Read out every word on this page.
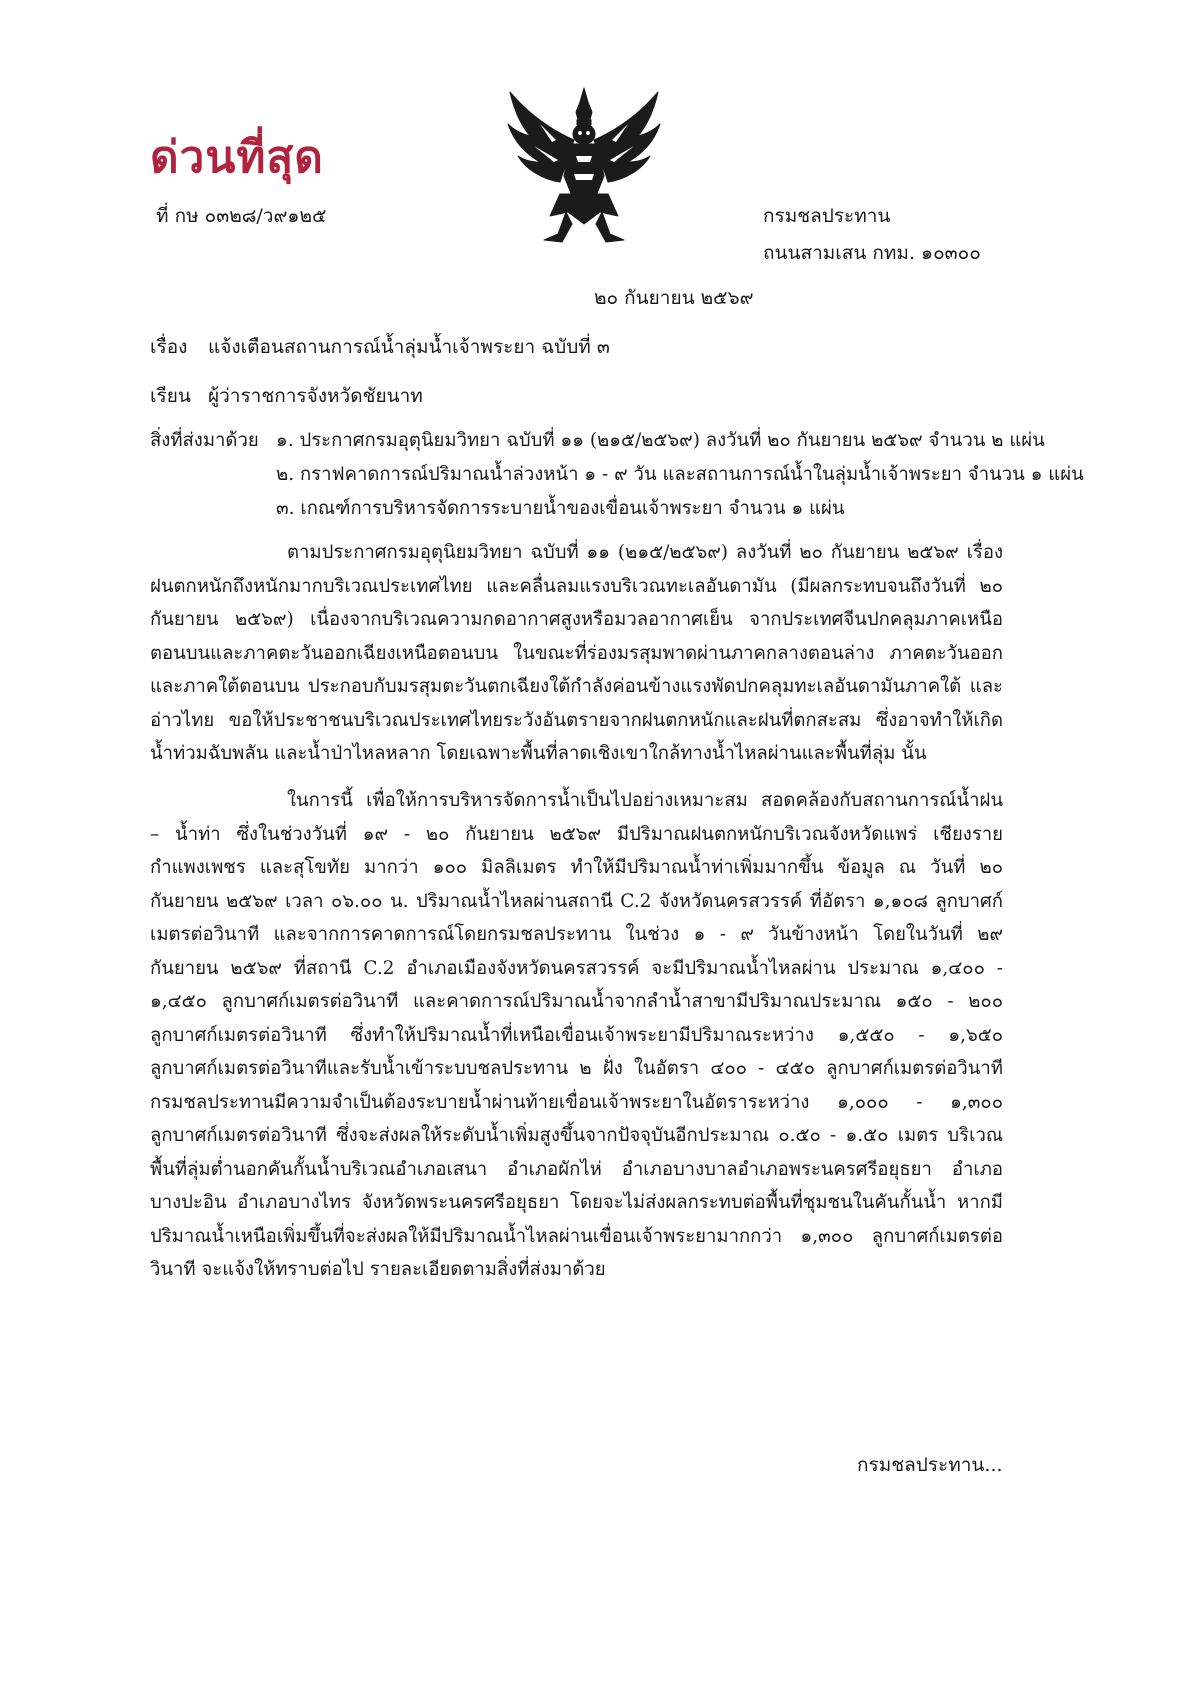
ด่วนที่สุด
ที่ กษ ๐๓๒๘/ว๙๑๒๕	กรมชลประทาน
ถนนสามเสน กทม. ๑๐๓๐๐
๒๐ กันยายน ๒๕๖๙
เรื่อง แจ้งเตือนสถานการณ์น้ำลุ่มน้ำเจ้าพระยา ฉบับที่ ๓
เรียน ผู้ว่าราชการจังหวัดชัยนาท
สิ่งที่ส่งมาด้วย ๑. ประกาศกรมอุตุนิยมวิทยา ฉบับที่ ๑๑ (๒๑๕/๒๕๖๙) ลงวันที่ ๒๐ กันยายน ๒๕๖๙ จำนวน ๒ แผ่น
๒. กราฟคาดการณ์ปริมาณน้ำล่วงหน้า ๑ - ๙ วัน และสถานการณ์น้ำในลุ่มน้ำเจ้าพระยา จำนวน ๑ แผ่น
๓. เกณฑ์การบริหารจัดการระบายน้ำของเขื่อนเจ้าพระยา จำนวน ๑ แผ่น
ตามประกาศกรมอุตุนิยมวิทยา ฉบับที่ ๑๑ (๒๑๕/๒๕๖๙) ลงวันที่ ๒๐ กันยายน ๒๕๖๙ เรื่อง ฝนตกหนักถึงหนักมากบริเวณประเทศไทย และคลื่นลมแรงบริเวณทะเลอันดามัน (มีผลกระทบจนถึงวันที่ ๒๐ กันยายน ๒๕๖๙) เนื่องจากบริเวณความกดอากาศสูงหรือมวลอากาศเย็น จากประเทศจีนปกคลุมภาคเหนือตอนบนและภาคตะวันออกเฉียงเหนือตอนบน ในขณะที่ร่องมรสุมพาดผ่านภาคกลางตอนล่าง ภาคตะวันออก และภาคใต้ตอนบน ประกอบกับมรสุมตะวันตกเฉียงใต้กำลังค่อนข้างแรงพัดปกคลุมทะเลอันดามันภาคใต้ และอ่าวไทย ขอให้ประชาชนบริเวณประเทศไทยระวังอันตรายจากฝนตกหนักและฝนที่ตกสะสม ซึ่งอาจทำให้เกิดน้ำท่วมฉับพลัน และน้ำป่าไหลหลาก โดยเฉพาะพื้นที่ลาดเชิงเขาใกล้ทางน้ำไหลผ่านและพื้นที่ลุ่ม นั้น
ในการนี้ เพื่อให้การบริหารจัดการน้ำเป็นไปอย่างเหมาะสม สอดคล้องกับสถานการณ์น้ำฝน – น้ำท่า ซึ่งในช่วงวันที่ ๑๙ - ๒๐ กันยายน ๒๕๖๙ มีปริมาณฝนตกหนักบริเวณจังหวัดแพร่ เชียงราย กำแพงเพชร และสุโขทัย มากว่า ๑๐๐ มิลลิเมตร ทำให้มีปริมาณน้ำท่าเพิ่มมากขึ้น ข้อมูล ณ วันที่ ๒๐ กันยายน ๒๕๖๙ เวลา ๐๖.๐๐ น. ปริมาณน้ำไหลผ่านสถานี C.2 จังหวัดนครสวรรค์ ที่อัตรา ๑,๑๐๘ ลูกบาศก์เมตรต่อวินาที และจากการคาดการณ์โดยกรมชลประทาน ในช่วง ๑ - ๙ วันข้างหน้า โดยในวันที่ ๒๙ กันยายน ๒๕๖๙ ที่สถานี C.2 อำเภอเมืองจังหวัดนครสวรรค์ จะมีปริมาณน้ำไหลผ่าน ประมาณ ๑,๔๐๐ - ๑,๔๕๐ ลูกบาศก์เมตรต่อวินาที และคาดการณ์ปริมาณน้ำจากลำน้ำสาขามีปริมาณประมาณ ๑๕๐ - ๒๐๐ ลูกบาศก์เมตรต่อวินาที ซึ่งทำให้ปริมาณน้ำที่เหนือเขื่อนเจ้าพระยามีปริมาณระหว่าง ๑,๕๕๐ - ๑,๖๕๐ ลูกบาศก์เมตรต่อวินาทีและรับน้ำเข้าระบบชลประทาน ๒ ฝั่ง ในอัตรา ๔๐๐ - ๔๕๐ ลูกบาศก์เมตรต่อวินาที กรมชลประทานมีความจำเป็นต้องระบายน้ำผ่านท้ายเขื่อนเจ้าพระยาในอัตราระหว่าง ๑,๐๐๐ - ๑,๓๐๐ ลูกบาศก์เมตรต่อวินาที ซึ่งจะส่งผลให้ระดับน้ำเพิ่มสูงขึ้นจากปัจจุบันอีกประมาณ ๐.๕๐ - ๑.๕๐ เมตร บริเวณพื้นที่ลุ่มต่ำนอกคันกั้นน้ำบริเวณอำเภอเสนา อำเภอผักไห่ อำเภอบางบาลอำเภอพระนครศรีอยุธยา อำเภอบางปะอิน อำเภอบางไทร จังหวัดพระนครศรีอยุธยา โดยจะไม่ส่งผลกระทบต่อพื้นที่ชุมชนในคันกั้นน้ำ หากมีปริมาณน้ำเหนือเพิ่มขึ้นที่จะส่งผลให้มีปริมาณน้ำไหลผ่านเขื่อนเจ้าพระยามากกว่า ๑,๓๐๐ ลูกบาศก์เมตรต่อวินาที จะแจ้งให้ทราบต่อไป รายละเอียดตามสิ่งที่ส่งมาด้วย
กรมชลประทาน...
